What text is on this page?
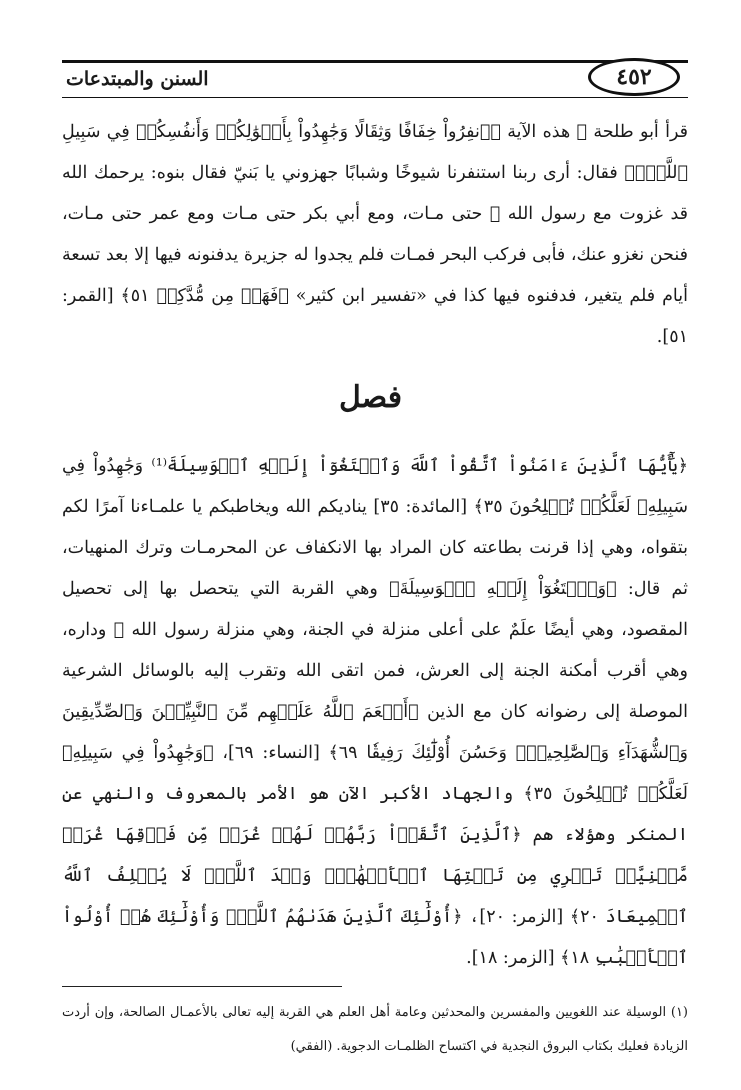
السنن والمبتدعات	٤٥٢
قرأ أبو طلحة ﷺ هذه الآية ﴿ٱنفِرُواْ خِفَافًا وَثِقَالًا وَجَٰهِدُواْ بِأَمۡوَٰلِكُمۡ وَأَنفُسِكُمۡ فِي سَبِيلِ ٱللَّهِۚ﴾ فقال: أرى ربنا استنفرنا شيوخًا وشبابًا جهزوني يا بَنيّ فقال بنوه: يرحمك الله قد غزوت مع رسول الله ﷺ حتى مـات، ومع أبي بكر حتى مـات ومع عمر حتى مـات، فنحن نغزو عنك، فأبى فركب البحر فمـات فلم يجدوا له جزيرة يدفنونه فيها إلا بعد تسعة أيام فلم يتغير، فدفنوه فيها كذا في «تفسير ابن كثير» ﴿فَهَلۡ مِن مُّدَّكِرٖ ٥١﴾ [القمر: ٥١].
فصل
﴿يَٰٓأَيُّهَا ٱلَّذِينَ ءَامَنُواْ ٱتَّقُواْ ٱللَّهَ وَٱبۡتَغُوٓاْ إِلَيۡهِ ٱلۡوَسِيلَةَ⁽¹⁾ وَجَٰهِدُواْ فِي سَبِيلِهِۦ لَعَلَّكُمۡ تُفۡلِحُونَ ٣٥﴾ [المائدة: ٣٥] يناديكم الله ويخاطبكم يا علمـاءنا آمرًا لكم بتقواه، وهي إذا قرنت بطاعته كان المراد بها الانكفاف عن المحرمـات وترك المنهيات، ثم قال: ﴿وَٱبۡتَغُوٓاْ إِلَيۡهِ ٱلۡوَسِيلَةَ﴾ وهي القربة التي يتحصل بها إلى تحصيل المقصود، وهي أيضًا علَمٌ على أعلى منزلة في الجنة، وهي منزلة رسول الله ﷺ وداره، وهي أقرب أمكنة الجنة إلى العرش، فمن اتقى الله وتقرب إليه بالوسائل الشرعية الموصلة إلى رضوانه كان مع الذين ﴿أَنۡعَمَ ٱللَّهُ عَلَيۡهِم مِّنَ ٱلنَّبِيِّـۧنَ وَٱلصِّدِّيقِينَ وَٱلشُّهَدَآءِ وَٱلصَّٰلِحِينَۚ وَحَسُنَ أُوْلَٰٓئِكَ رَفِيقٗا ٦٩﴾ [النساء: ٦٩]، ﴿وَجَٰهِدُواْ فِي سَبِيلِهِۦ لَعَلَّكُمۡ تُفۡلِحُونَ ٣٥﴾ والجهاد الأكبر الآن هو الأمر بالمعروف والنهي عن المنكر وهؤلاء هم ﴿ٱلَّذِينَ ٱتَّقَوۡاْ رَبَّهُمۡ لَهُمۡ غُرَفٞ مِّن فَوۡقِهَا غُرَفٞ مَّبۡنِيَّةٞ تَجۡرِي مِن تَحۡتِهَا ٱلۡأَنۡهَٰرُۖ وَعۡدَ ٱللَّهِۖ لَا يُخۡلِفُ ٱللَّهُ ٱلۡمِيعَادَ ٢٠﴾ [الزمر: ٢٠]، ﴿أُوْلَٰٓئِكَ ٱلَّذِينَ هَدَىٰهُمُ ٱللَّهُۖ وَأُوْلَٰٓئِكَ هُمۡ أُوْلُواْ ٱلۡأَلۡبَٰبِ ١٨﴾ [الزمر: ١٨].
(١) الوسيلة عند اللغويين والمفسرين والمحدثين وعامة أهل العلم هي القربة إليه تعالى بالأعمـال الصالحة، وإن أردت الزيادة فعليك بكتاب البروق النجدية في اكتساح الظلمـات الدجوية. (الفقي)
